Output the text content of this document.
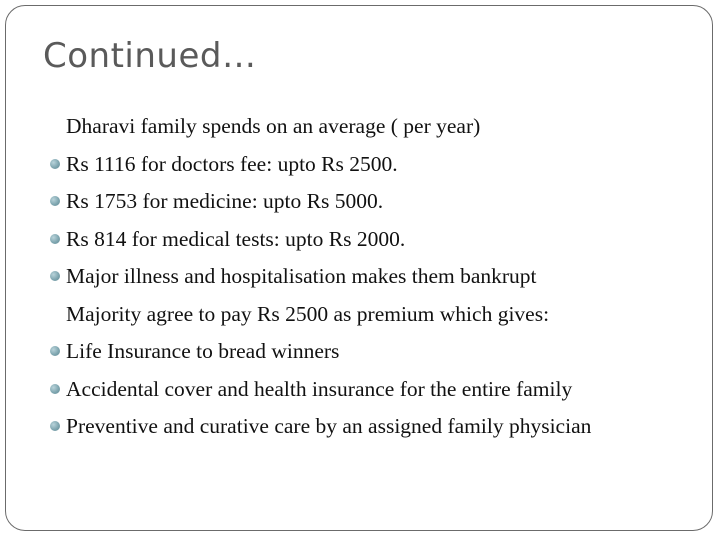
Continued…
Dharavi family spends on an average ( per year)
Rs 1116 for doctors fee: upto Rs 2500.
Rs 1753 for medicine: upto Rs 5000.
Rs 814 for medical tests: upto Rs 2000.
Major illness and hospitalisation makes them bankrupt
Majority agree to pay Rs 2500 as premium which gives:
Life Insurance to bread winners
Accidental cover and health insurance for the entire family
Preventive and curative care by an assigned family physician
